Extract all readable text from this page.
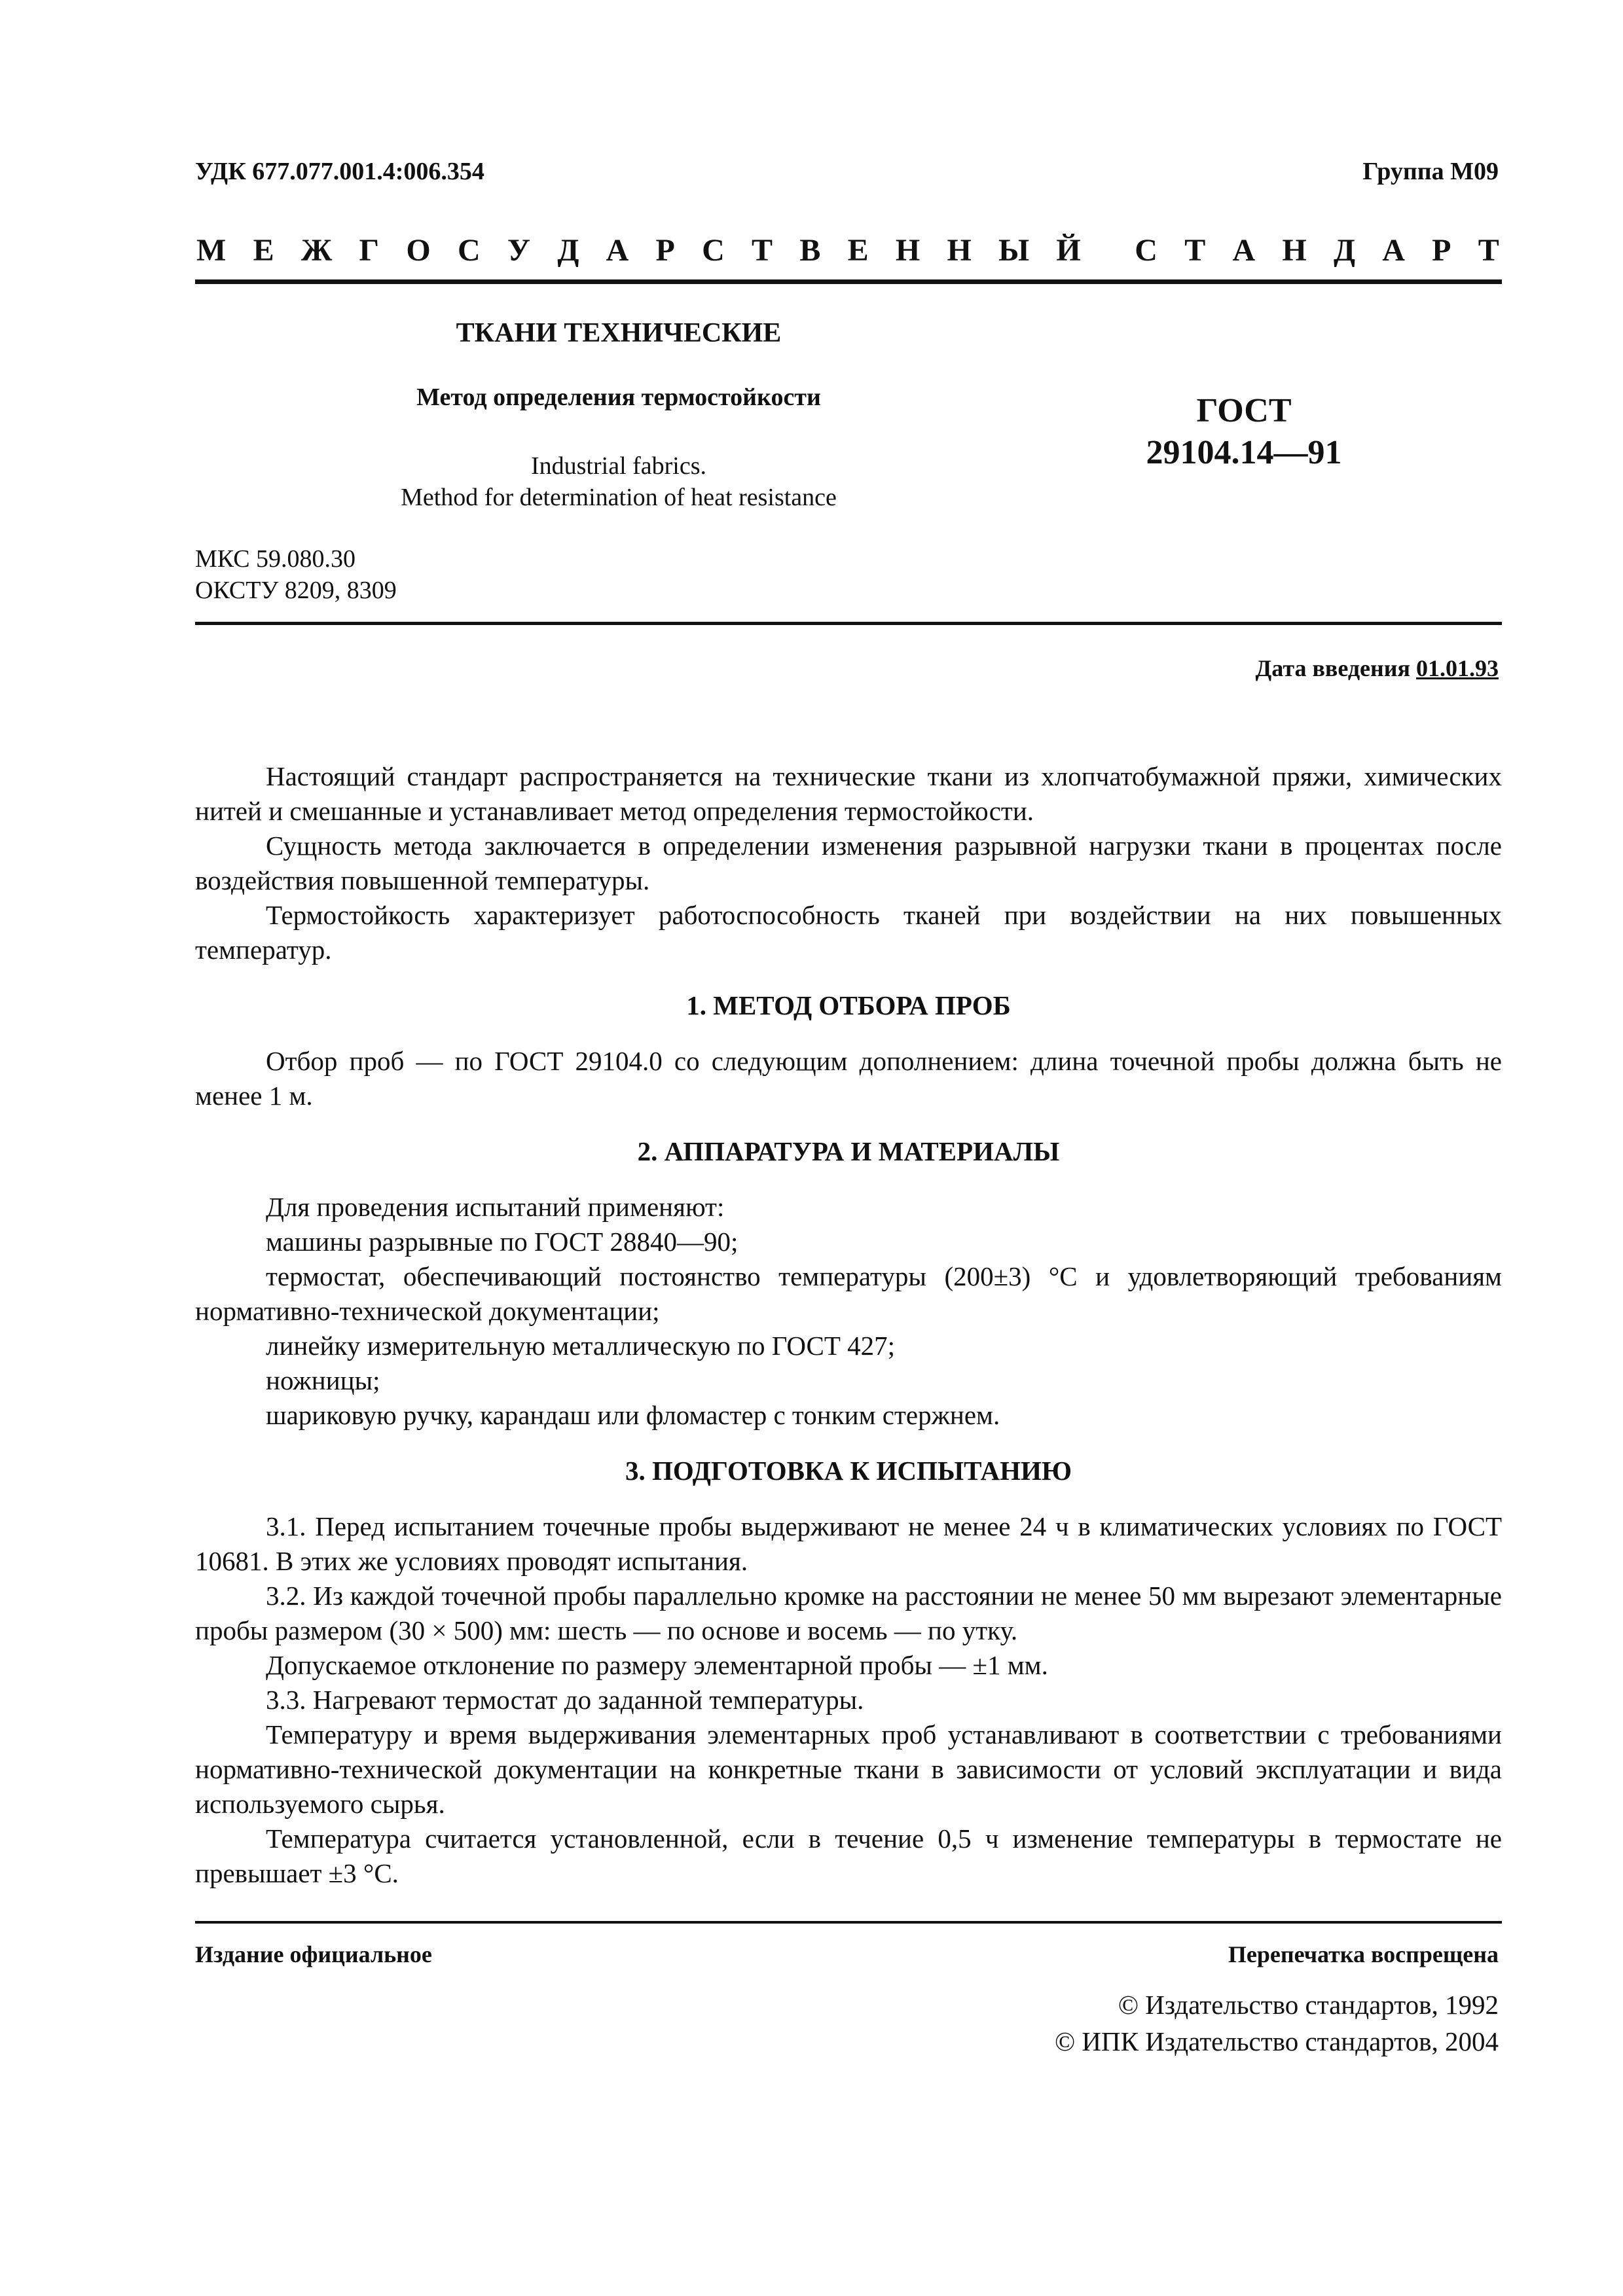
УДК 677.077.001.4:006.354	Группа М09
М Е Ж Г О С У Д А Р С Т В Е Н Н Ы Й С Т А Н Д А Р Т
ТКАНИ ТЕХНИЧЕСКИЕ
Метод определения термостойкости
Industrial fabrics.
Method for determination of heat resistance
ГОСТ
29104.14—91
МКС 59.080.30
ОКСТУ 8209, 8309
Дата введения 01.01.93

Настоящий стандарт распространяется на технические ткани из хлопчатобумажной пряжи, химических нитей и смешанные и устанавливает метод определения термостойкости.

Сущность метода заключается в определении изменения разрывной нагрузки ткани в процентах после воздействия повышенной температуры.

Термостойкость характеризует работоспособность тканей при воздействии на них повышенных температур.

1. МЕТОД ОТБОРА ПРОБ

Отбор проб — по ГОСТ 29104.0 со следующим дополнением: длина точечной пробы должна быть не менее 1 м.

2. АППАРАТУРА И МАТЕРИАЛЫ

Для проведения испытаний применяют:

машины разрывные по ГОСТ 28840—90;

термостат, обеспечивающий постоянство температуры (200±3) °С и удовлетворяющий требованиям нормативно-технической документации;

линейку измерительную металлическую по ГОСТ 427;

ножницы;

шариковую ручку, карандаш или фломастер с тонким стержнем.

3. ПОДГОТОВКА К ИСПЫТАНИЮ

3.1. Перед испытанием точечные пробы выдерживают не менее 24 ч в климатических условиях по ГОСТ 10681. В этих же условиях проводят испытания.

3.2. Из каждой точечной пробы параллельно кромке на расстоянии не менее 50 мм вырезают элементарные пробы размером (30 × 500) мм: шесть — по основе и восемь — по утку.

Допускаемое отклонение по размеру элементарной пробы — ±1 мм.

3.3. Нагревают термостат до заданной температуры.

Температуру и время выдерживания элементарных проб устанавливают в соответствии с требованиями нормативно-технической документации на конкретные ткани в зависимости от условий эксплуатации и вида используемого сырья.

Температура считается установленной, если в течение 0,5 ч изменение температуры в термостате не превышает ±3 °С.

Издание официальное	Перепечатка воспрещена
© Издательство стандартов, 1992
© ИПК Издательство стандартов, 2004
